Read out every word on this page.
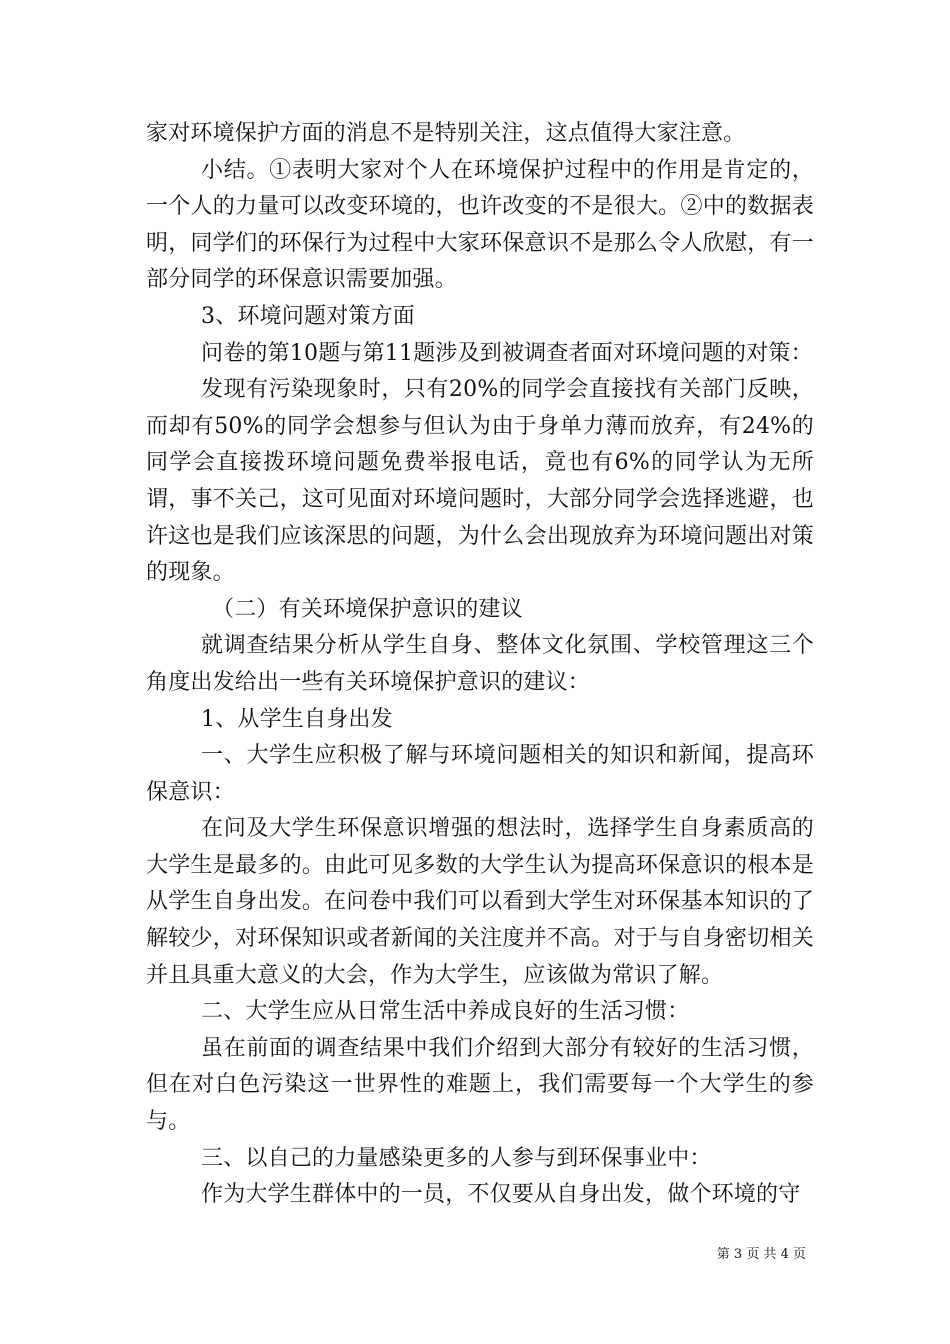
家对环境保护方面的消息不是特别关注，这点值得大家注意。

小结。①表明大家对个人在环境保护过程中的作用是肯定的，一个人的力量可以改变环境的，也许改变的不是很大。②中的数据表明，同学们的环保行为过程中大家环保意识不是那么令人欣慰，有一部分同学的环保意识需要加强。

3、环境问题对策方面

问卷的第10题与第11题涉及到被调查者面对环境问题的对策：

发现有污染现象时，只有20%的同学会直接找有关部门反映，而却有50%的同学会想参与但认为由于身单力薄而放弃，有24%的同学会直接拨环境问题免费举报电话，竟也有6%的同学认为无所谓，事不关己，这可见面对环境问题时，大部分同学会选择逃避，也许这也是我们应该深思的问题，为什么会出现放弃为环境问题出对策的现象。

（二）有关环境保护意识的建议

就调查结果分析从学生自身、整体文化氛围、学校管理这三个角度出发给出一些有关环境保护意识的建议：

1、从学生自身出发

一、大学生应积极了解与环境问题相关的知识和新闻，提高环保意识：

在问及大学生环保意识增强的想法时，选择学生自身素质高的大学生是最多的。由此可见多数的大学生认为提高环保意识的根本是从学生自身出发。在问卷中我们可以看到大学生对环保基本知识的了解较少，对环保知识或者新闻的关注度并不高。对于与自身密切相关并且具重大意义的大会，作为大学生，应该做为常识了解。

二、大学生应从日常生活中养成良好的生活习惯：

虽在前面的调查结果中我们介绍到大部分有较好的生活习惯，但在对白色污染这一世界性的难题上，我们需要每一个大学生的参与。

三、以自己的力量感染更多的人参与到环保事业中：

作为大学生群体中的一员，不仅要从自身出发，做个环境的守

第 3 页 共 4 页
